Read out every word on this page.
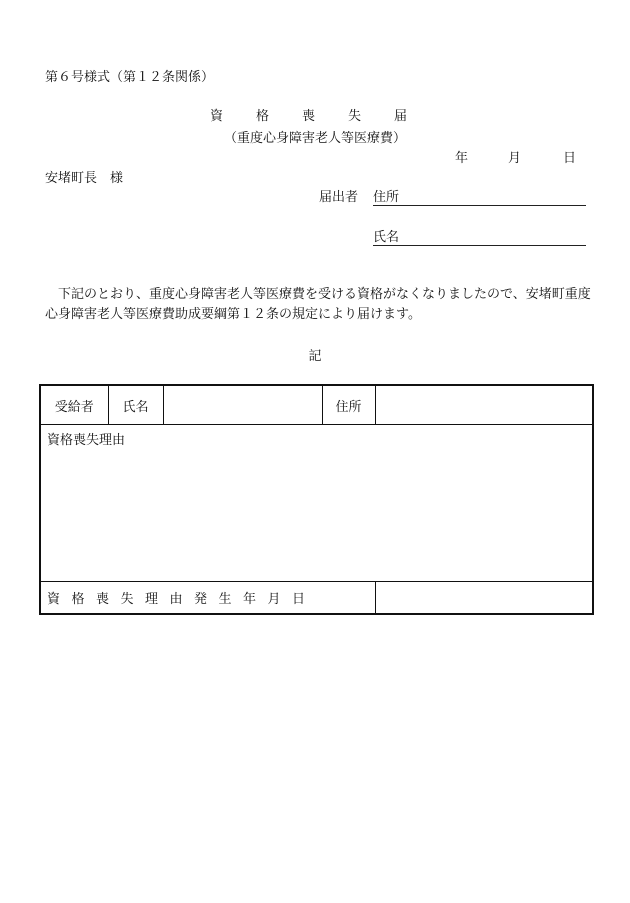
第６号様式（第１２条関係）
資格喪失届
（重度心身障害老人等医療費）
年	月	日
安堵町長　様
届出者 住所
氏名
下記のとおり、重度心身障害老人等医療費を受ける資格がなくなりましたので、安堵町重度心身障害老人等医療費助成要綱第１２条の規定により届けます。
記
受給者	氏名		住所	
資格喪失理由				
資格喪失理由発生年月日				
